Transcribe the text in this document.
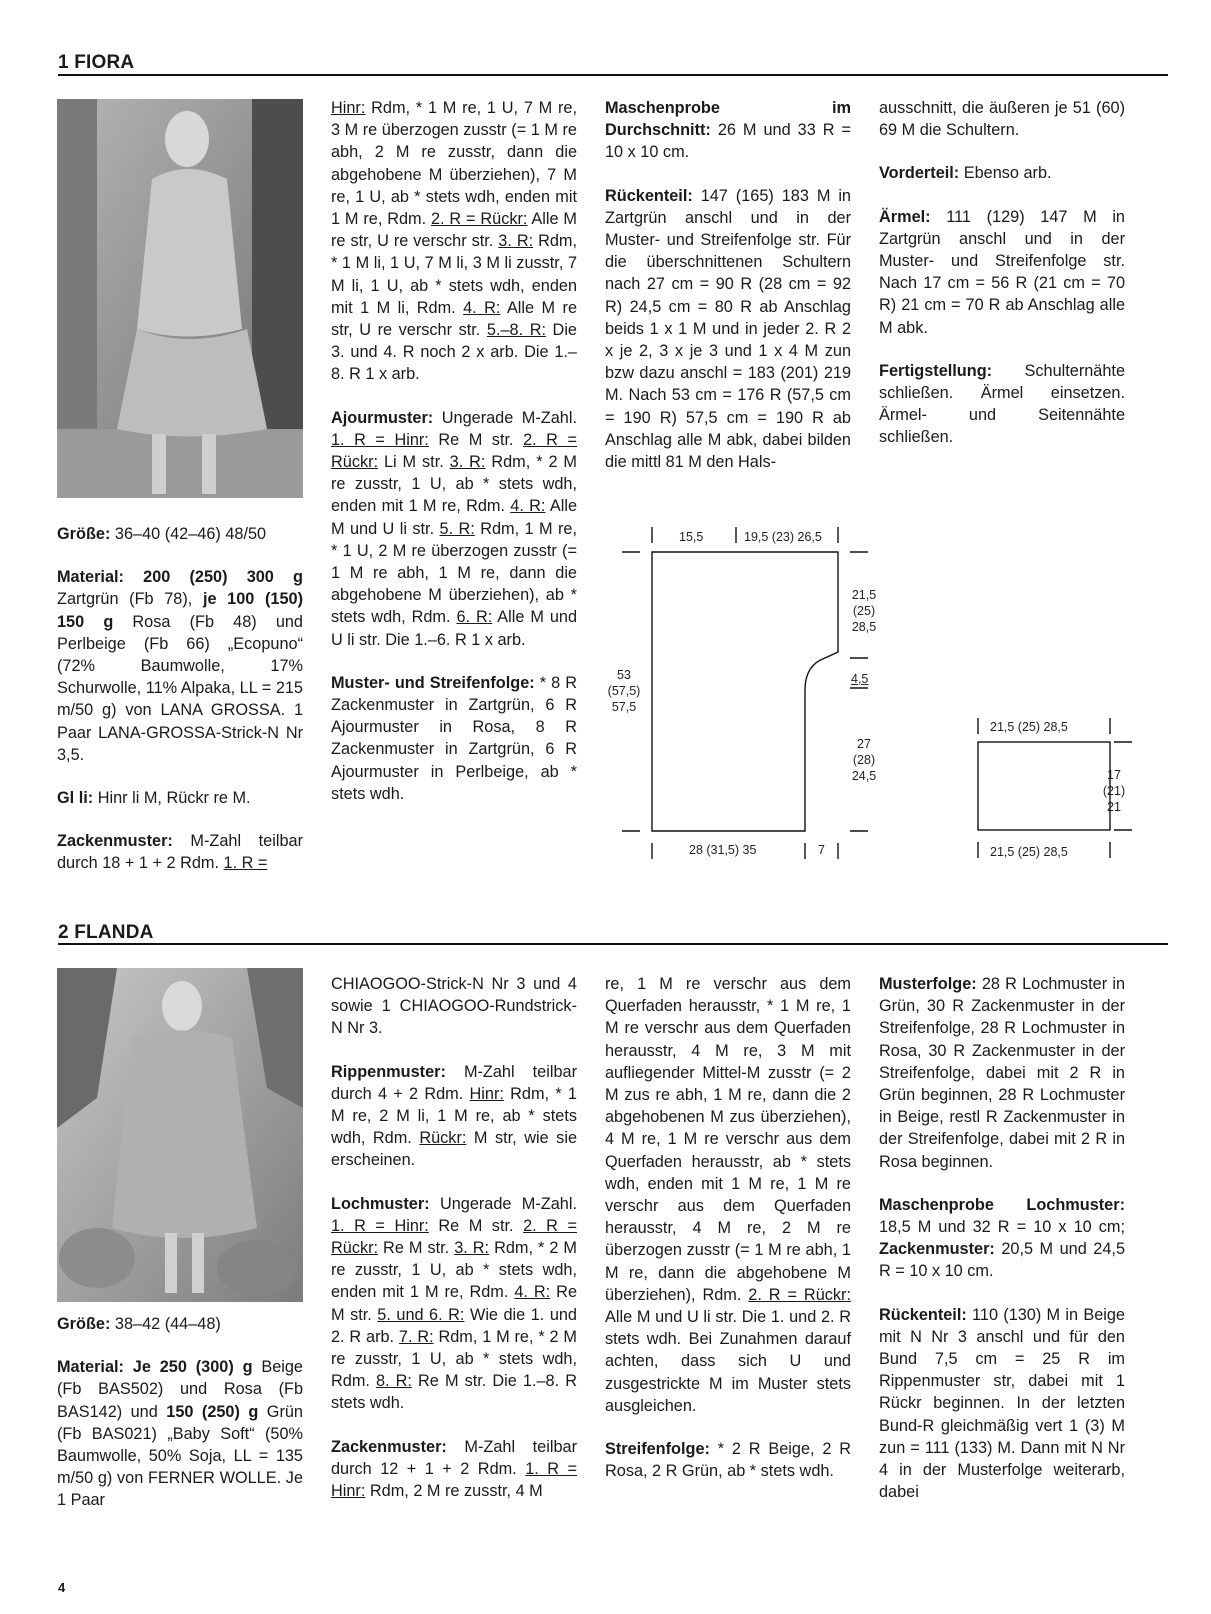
1 FIORA

Größe: 36–40 (42–46) 48/50

Material: 200 (250) 300 g Zartgrün (Fb 78), je 100 (150) 150 g Rosa (Fb 48) und Perlbeige (Fb 66) „Ecopuno“ (72% Baumwolle, 17% Schurwolle, 11% Alpaka, LL = 215 m/50 g) von LANA GROSSA. 1 Paar LANA-GROSSA-Strick-N Nr 3,5.

Gl li: Hinr li M, Rückr re M.

Zackenmuster: M-Zahl teilbar durch 18 + 1 + 2 Rdm. 1. R =

Hinr: Rdm, * 1 M re, 1 U, 7 M re, 3 M re überzogen zusstr (= 1 M re abh, 2 M re zusstr, dann die abgehobene M überziehen), 7 M re, 1 U, ab * stets wdh, enden mit 1 M re, Rdm. 2. R = Rückr: Alle M re str, U re verschr str. 3. R: Rdm, * 1 M li, 1 U, 7 M li, 3 M li zusstr, 7 M li, 1 U, ab * stets wdh, enden mit 1 M li, Rdm. 4. R: Alle M re str, U re verschr str. 5.–8. R: Die 3. und 4. R noch 2 x arb. Die 1.–8. R 1 x arb.

Ajourmuster: Ungerade M-Zahl. 1. R = Hinr: Re M str. 2. R = Rückr: Li M str. 3. R: Rdm, * 2 M re zusstr, 1 U, ab * stets wdh, enden mit 1 M re, Rdm. 4. R: Alle M und U li str. 5. R: Rdm, 1 M re, * 1 U, 2 M re überzogen zusstr (= 1 M re abh, 1 M re, dann die abgehobene M überziehen), ab * stets wdh, Rdm. 6. R: Alle M und U li str. Die 1.–6. R 1 x arb.

Muster- und Streifenfolge: * 8 R Zackenmuster in Zartgrün, 6 R Ajourmuster in Rosa, 8 R Zackenmuster in Zartgrün, 6 R Ajourmuster in Perlbeige, ab * stets wdh.

Maschenprobe im Durchschnitt: 26 M und 33 R = 10 x 10 cm.

Rückenteil: 147 (165) 183 M in Zartgrün anschl und in der Muster- und Streifenfolge str. Für die überschnittenen Schultern nach 27 cm = 90 R (28 cm = 92 R) 24,5 cm = 80 R ab Anschlag beids 1 x 1 M und in jeder 2. R 2 x je 2, 3 x je 3 und 1 x 4 M zun bzw dazu anschl = 183 (201) 219 M. Nach 53 cm = 176 R (57,5 cm = 190 R) 57,5 cm = 190 R ab Anschlag alle M abk, dabei bilden die mittl 81 M den Hals-

ausschnitt, die äußeren je 51 (60) 69 M die Schultern.

Vorderteil: Ebenso arb.

Ärmel: 111 (129) 147 M in Zartgrün anschl und in der Muster- und Streifenfolge str. Nach 17 cm = 56 R (21 cm = 70 R) 21 cm = 70 R ab Anschlag alle M abk.

Fertigstellung: Schulternähte schließen. Ärmel einsetzen. Ärmel- und Seitennähte schließen.

15,5	19,5 (23) 26,5
21,5
(25)
28,5
4,5
27
(28)
24,5
53
(57,5)
57,5
28 (31,5) 35	7
21,5 (25) 28,5
17
(21)
21
21,5 (25) 28,5
2 FLANDA

Größe: 38–42 (44–48)

Material: Je 250 (300) g Beige (Fb BAS502) und Rosa (Fb BAS142) und 150 (250) g Grün (Fb BAS021) „Baby Soft“ (50% Baumwolle, 50% Soja, LL = 135 m/50 g) von FERNER WOLLE. Je 1 Paar

CHIAOGOO-Strick-N Nr 3 und 4 sowie 1 CHIAOGOO-Rundstrick-N Nr 3.

Rippenmuster: M-Zahl teilbar durch 4 + 2 Rdm. Hinr: Rdm, * 1 M re, 2 M li, 1 M re, ab * stets wdh, Rdm. Rückr: M str, wie sie erscheinen.

Lochmuster: Ungerade M-Zahl. 1. R = Hinr: Re M str. 2. R = Rückr: Re M str. 3. R: Rdm, * 2 M re zusstr, 1 U, ab * stets wdh, enden mit 1 M re, Rdm. 4. R: Re M str. 5. und 6. R: Wie die 1. und 2. R arb. 7. R: Rdm, 1 M re, * 2 M re zusstr, 1 U, ab * stets wdh, Rdm. 8. R: Re M str. Die 1.–8. R stets wdh.

Zackenmuster: M-Zahl teilbar durch 12 + 1 + 2 Rdm. 1. R = Hinr: Rdm, 2 M re zusstr, 4 M

re, 1 M re verschr aus dem Querfaden herausstr, * 1 M re, 1 M re verschr aus dem Querfaden herausstr, 4 M re, 3 M mit aufliegender Mittel-M zusstr (= 2 M zus re abh, 1 M re, dann die 2 abgehobenen M zus überziehen), 4 M re, 1 M re verschr aus dem Querfaden herausstr, ab * stets wdh, enden mit 1 M re, 1 M re verschr aus dem Querfaden herausstr, 4 M re, 2 M re überzogen zusstr (= 1 M re abh, 1 M re, dann die abgehobene M überziehen), Rdm. 2. R = Rückr: Alle M und U li str. Die 1. und 2. R stets wdh. Bei Zunahmen darauf achten, dass sich U und zusgestrickte M im Muster stets ausgleichen.

Streifenfolge: * 2 R Beige, 2 R Rosa, 2 R Grün, ab * stets wdh.

Musterfolge: 28 R Lochmuster in Grün, 30 R Zackenmuster in der Streifenfolge, 28 R Lochmuster in Rosa, 30 R Zackenmuster in der Streifenfolge, dabei mit 2 R in Grün beginnen, 28 R Lochmuster in Beige, restl R Zackenmuster in der Streifenfolge, dabei mit 2 R in Rosa beginnen.

Maschenprobe Lochmuster: 18,5 M und 32 R = 10 x 10 cm; Zackenmuster: 20,5 M und 24,5 R = 10 x 10 cm.

Rückenteil: 110 (130) M in Beige mit N Nr 3 anschl und für den Bund 7,5 cm = 25 R im Rippenmuster str, dabei mit 1 Rückr beginnen. In der letzten Bund-R gleichmäßig vert 1 (3) M zun = 111 (133) M. Dann mit N Nr 4 in der Musterfolge weiterarb, dabei

4
